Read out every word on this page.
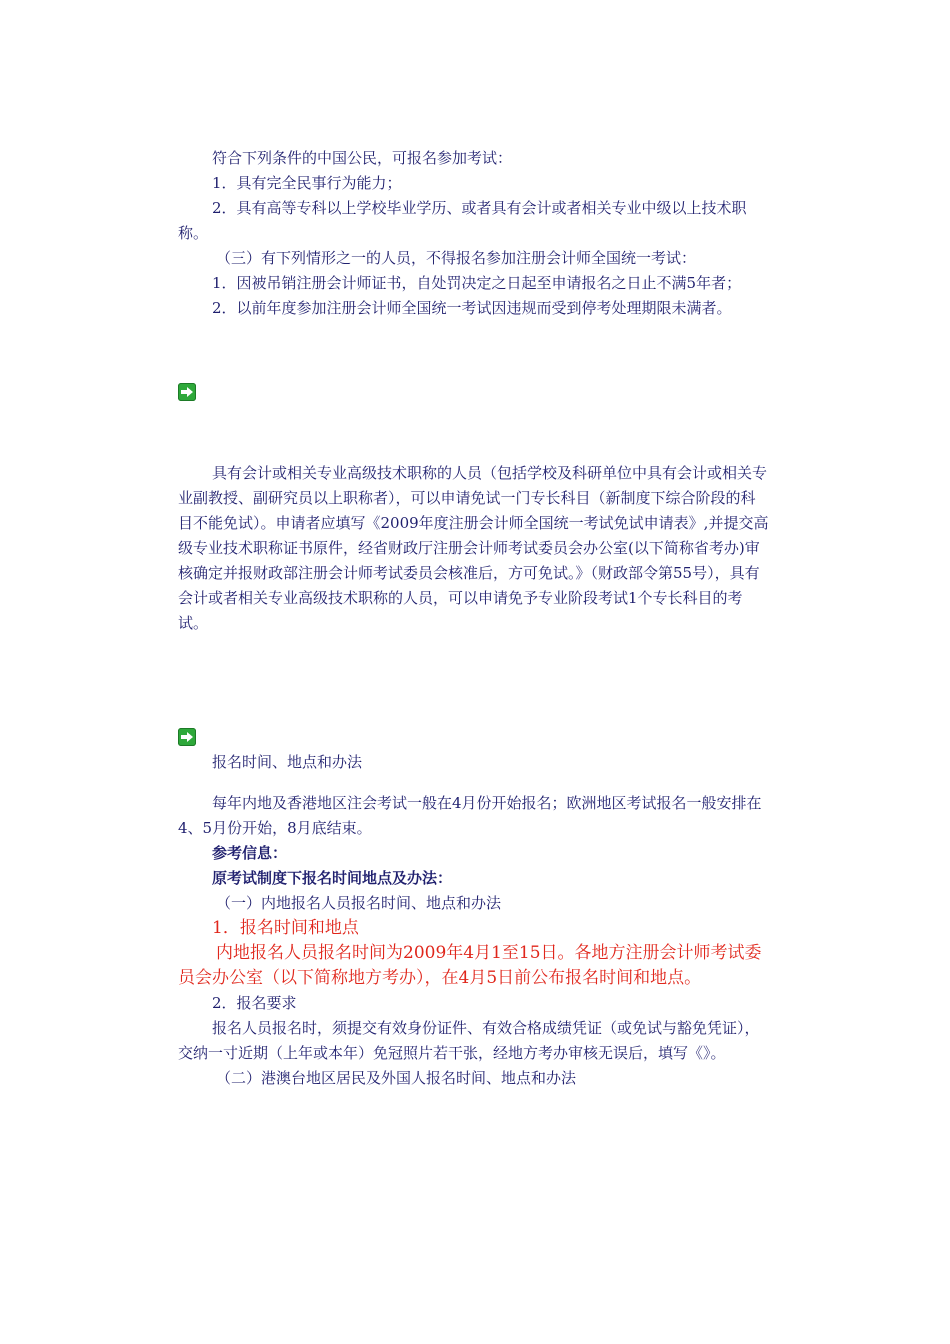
符合下列条件的中国公民，可报名参加考试：

1．具有完全民事行为能力；

2．具有高等专科以上学校毕业学历、或者具有会计或者相关专业中级以上技术职称。

（三）有下列情形之一的人员，不得报名参加注册会计师全国统一考试：

1．因被吊销注册会计师证书，自处罚决定之日起至申请报名之日止不满5年者；

2．以前年度参加注册会计师全国统一考试因违规而受到停考处理期限未满者。

具有会计或相关专业高级技术职称的人员（包括学校及科研单位中具有会计或相关专业副教授、副研究员以上职称者），可以申请免试一门专长科目（新制度下综合阶段的科目不能免试）。申请者应填写《2009年度注册会计师全国统一考试免试申请表》,并提交高级专业技术职称证书原件，经省财政厅注册会计师考试委员会办公室(以下简称省考办)审核确定并报财政部注册会计师考试委员会核准后，方可免试。》（财政部令第55号），具有会计或者相关专业高级技术职称的人员，可以申请免予专业阶段考试1个专长科目的考试。

报名时间、地点和办法

每年内地及香港地区注会考试一般在4月份开始报名；欧洲地区考试报名一般安排在4、5月份开始，8月底结束。

参考信息：

原考试制度下报名时间地点及办法：

（一）内地报名人员报名时间、地点和办法

1．报名时间和地点

内地报名人员报名时间为2009年4月1至15日。各地方注册会计师考试委员会办公室（以下简称地方考办），在4月5日前公布报名时间和地点。

2．报名要求

报名人员报名时，须提交有效身份证件、有效合格成绩凭证（或免试与豁免凭证），交纳一寸近期（上年或本年）免冠照片若干张，经地方考办审核无误后，填写《》。

（二）港澳台地区居民及外国人报名时间、地点和办法
